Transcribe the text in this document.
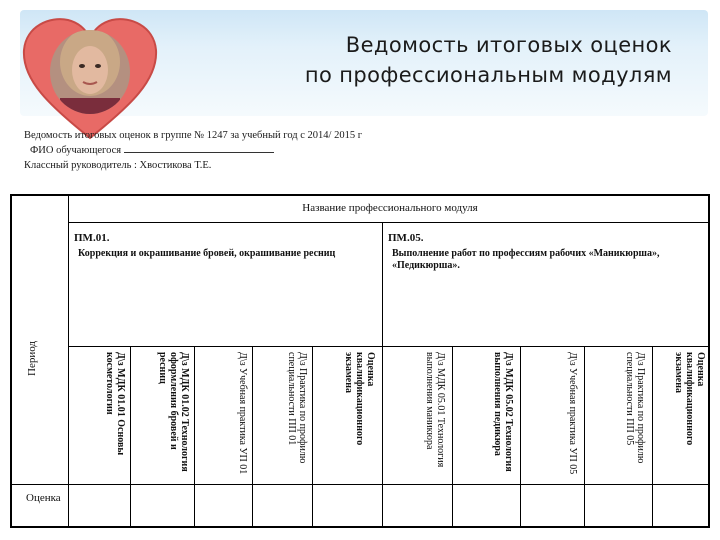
Ведомость итоговых оценок
по профессиональным модулям
Ведомость итоговых оценок в группе № 1247 за учебный год с 2014/ 2015 г
ФИО обучающегося
Классный руководитель : Хвостикова Т.Е.
Период
Название профессионального модуля
ПМ.01.
Коррекция и окрашивание бровей, окрашивание ресниц
ПМ.05.
Выполнение работ по профессиям рабочих «Маникюрша», «Педикюрша».
Д\з МДК 01.01 Основы косметологии	Д\з МДК 01.02 Технология оформления бровей и ресниц	Д\з Учебная практика УП 01	Д\з Практика по профилю специальности ПП 01	Оценка квалификационного экзамена	Д\з МДК 05.01 Технология выполнения маникюра	Д\з МДК 05.02 Технология выполнения педикюра	Д\з Учебная практика УП 05	Д\з Практика по профилю специальности ПП 05	Оценка квалификационного экзамена
Оценка
